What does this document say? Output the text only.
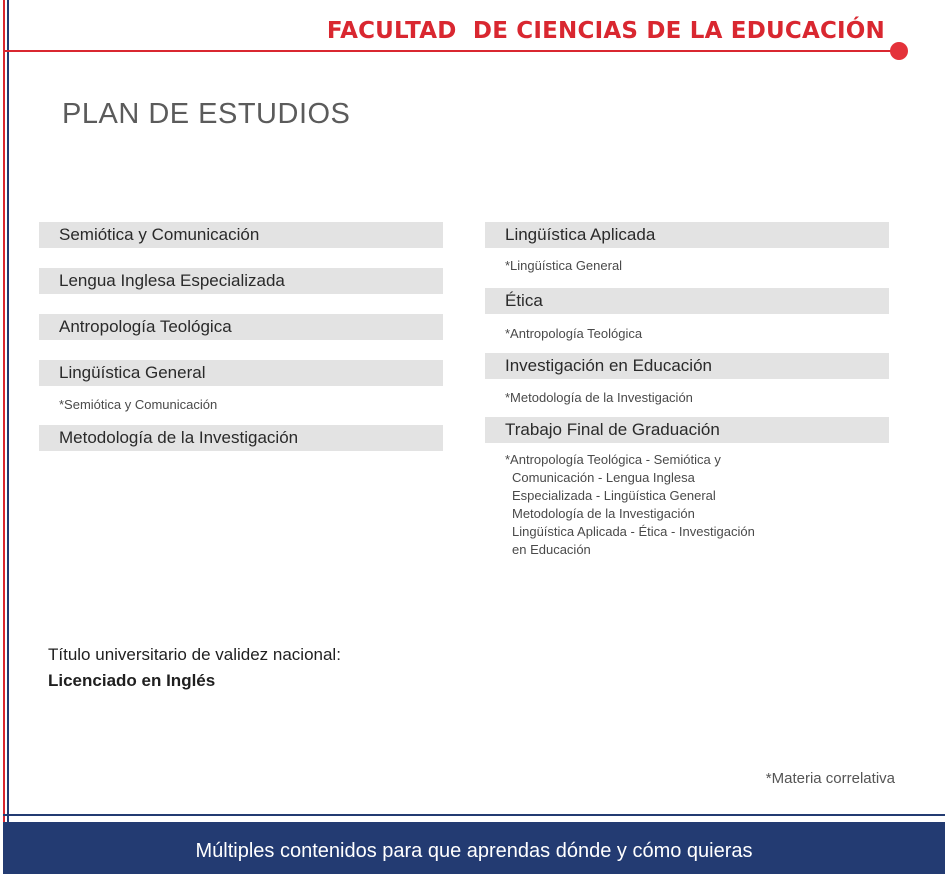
FACULTAD  DE CIENCIAS DE LA EDUCACIÓN
PLAN DE ESTUDIOS
Semiótica y Comunicación
Lengua Inglesa Especializada
Antropología Teológica
Lingüística General
*Semiótica y Comunicación
Metodología de la Investigación
Lingüística Aplicada
*Lingüística General
Ética
*Antropología Teológica
Investigación en Educación
*Metodología de la Investigación
Trabajo Final de Graduación
*Antropología Teológica - Semiótica y
Comunicación - Lengua Inglesa
Especializada - Lingüística General
Metodología de la Investigación
Lingüística Aplicada - Ética - Investigación
en Educación
Título universitario de validez nacional:
Licenciado en Inglés
*Materia correlativa
Múltiples contenidos para que aprendas dónde y cómo quieras
